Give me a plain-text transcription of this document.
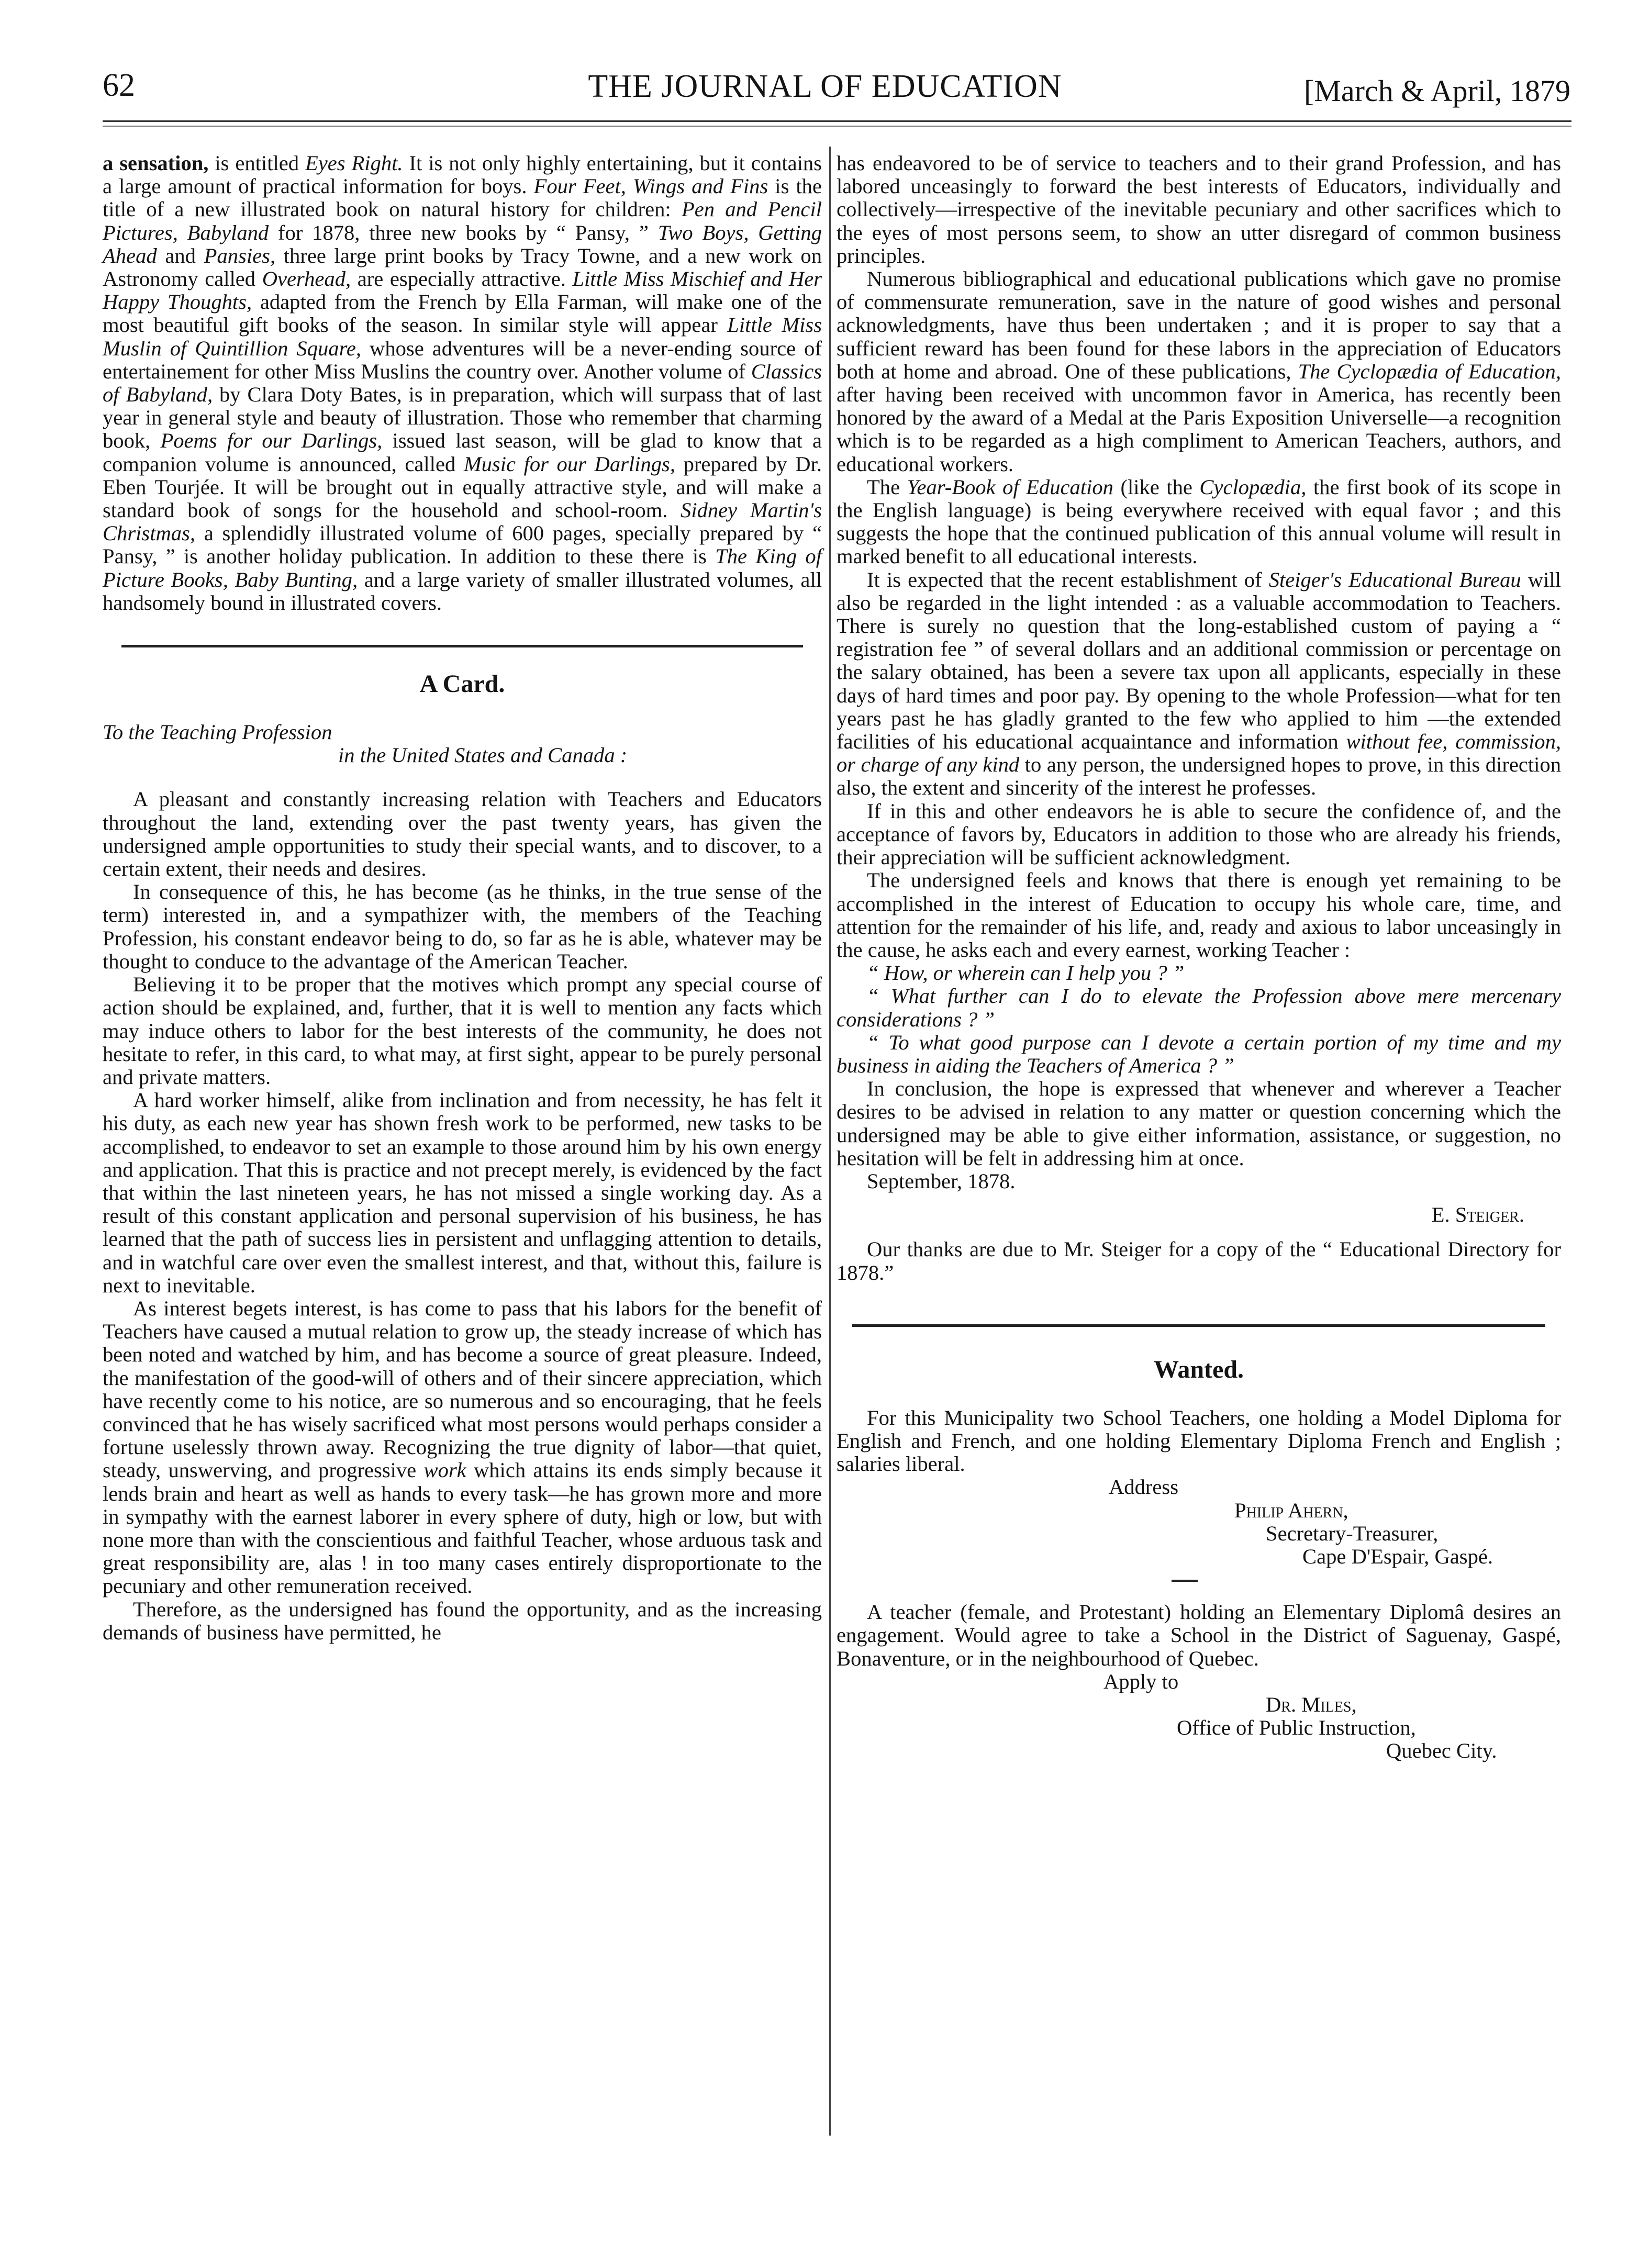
62	THE JOURNAL OF EDUCATION	[March & April, 1879

a sensation, is entitled Eyes Right. It is not only highly entertaining, but it contains a large amount of practical information for boys. Four Feet, Wings and Fins is the title of a new illustrated book on natural history for children: Pen and Pencil Pictures, Babyland for 1878, three new books by “ Pansy, ” Two Boys, Getting Ahead and Pansies, three large print books by Tracy Towne, and a new work on Astronomy called Overhead, are especially attractive. Little Miss Mischief and Her Happy Thoughts, adapted from the French by Ella Farman, will make one of the most beautiful gift books of the season. In similar style will appear Little Miss Muslin of Quintillion Square, whose adventures will be a never-ending source of entertainement for other Miss Muslins the country over. Another volume of Classics of Babyland, by Clara Doty Bates, is in preparation, which will surpass that of last year in general style and beauty of illustration. Those who remember that charming book, Poems for our Darlings, issued last season, will be glad to know that a companion volume is announced, called Music for our Darlings, prepared by Dr. Eben Tourjée. It will be brought out in equally attractive style, and will make a standard book of songs for the household and school-room. Sidney Martin's Christmas, a splendidly illustrated volume of 600 pages, specially prepared by “ Pansy, ” is another holiday publication. In addition to these there is The King of Picture Books, Baby Bunting, and a large variety of smaller illustrated volumes, all handsomely bound in illustrated covers.

A Card.

To the Teaching Profession

in the United States and Canada :

A pleasant and constantly increasing relation with Teachers and Educators throughout the land, extending over the past twenty years, has given the undersigned ample opportunities to study their special wants, and to discover, to a certain extent, their needs and desires.

In consequence of this, he has become (as he thinks, in the true sense of the term) interested in, and a sympathizer with, the members of the Teaching Profession, his constant endeavor being to do, so far as he is able, whatever may be thought to conduce to the advantage of the American Teacher.

Believing it to be proper that the motives which prompt any special course of action should be explained, and, further, that it is well to mention any facts which may induce others to labor for the best interests of the community, he does not hesitate to refer, in this card, to what may, at first sight, appear to be purely personal and private matters.

A hard worker himself, alike from inclination and from necessity, he has felt it his duty, as each new year has shown fresh work to be performed, new tasks to be accomplished, to endeavor to set an example to those around him by his own energy and application. That this is practice and not precept merely, is evidenced by the fact that within the last nineteen years, he has not missed a single working day. As a result of this constant application and personal supervision of his business, he has learned that the path of success lies in persistent and unflagging attention to details, and in watchful care over even the smallest interest, and that, without this, failure is next to inevitable.

As interest begets interest, is has come to pass that his labors for the benefit of Teachers have caused a mutual relation to grow up, the steady increase of which has been noted and watched by him, and has become a source of great pleasure. Indeed, the manifestation of the good-will of others and of their sincere appreciation, which have recently come to his notice, are so numerous and so encouraging, that he feels convinced that he has wisely sacrificed what most persons would perhaps consider a fortune uselessly thrown away. Recognizing the true dignity of labor—that quiet, steady, unswerving, and progressive work which attains its ends simply because it lends brain and heart as well as hands to every task—he has grown more and more in sympathy with the earnest laborer in every sphere of duty, high or low, but with none more than with the conscientious and faithful Teacher, whose arduous task and great responsibility are, alas ! in too many cases entirely disproportionate to the pecuniary and other remuneration received.

Therefore, as the undersigned has found the opportunity, and as the increasing demands of business have permitted, he

has endeavored to be of service to teachers and to their grand Profession, and has labored unceasingly to forward the best interests of Educators, individually and collectively—irrespective of the inevitable pecuniary and other sacrifices which to the eyes of most persons seem, to show an utter disregard of common business principles.

Numerous bibliographical and educational publications which gave no promise of commensurate remuneration, save in the nature of good wishes and personal acknowledgments, have thus been undertaken ; and it is proper to say that a sufficient reward has been found for these labors in the appreciation of Educators both at home and abroad. One of these publications, The Cyclopædia of Education, after having been received with uncommon favor in America, has recently been honored by the award of a Medal at the Paris Exposition Universelle—a recognition which is to be regarded as a high compliment to American Teachers, authors, and educational workers.

The Year-Book of Education (like the Cyclopædia, the first book of its scope in the English language) is being everywhere received with equal favor ; and this suggests the hope that the continued publication of this annual volume will result in marked benefit to all educational interests.

It is expected that the recent establishment of Steiger's Educational Bureau will also be regarded in the light intended : as a valuable accommodation to Teachers. There is surely no question that the long-established custom of paying a “ registration fee ” of several dollars and an additional commission or percentage on the salary obtained, has been a severe tax upon all applicants, especially in these days of hard times and poor pay. By opening to the whole Profession—what for ten years past he has gladly granted to the few who applied to him —the extended facilities of his educational acquaintance and information without fee, commission, or charge of any kind to any person, the undersigned hopes to prove, in this direction also, the extent and sincerity of the interest he professes.

If in this and other endeavors he is able to secure the confidence of, and the acceptance of favors by, Educators in addition to those who are already his friends, their appreciation will be sufficient acknowledgment.

The undersigned feels and knows that there is enough yet remaining to be accomplished in the interest of Education to occupy his whole care, time, and attention for the remainder of his life, and, ready and axious to labor unceasingly in the cause, he asks each and every earnest, working Teacher :

“ How, or wherein can I help you ? ”

“ What further can I do to elevate the Profession above mere mercenary considerations ? ”

“ To what good purpose can I devote a certain portion of my time and my business in aiding the Teachers of America ? ”

In conclusion, the hope is expressed that whenever and wherever a Teacher desires to be advised in relation to any matter or question concerning which the undersigned may be able to give either information, assistance, or suggestion, no hesitation will be felt in addressing him at once.

September, 1878.

E. Steiger.

Our thanks are due to Mr. Steiger for a copy of the “ Educational Directory for 1878.”

Wanted.

For this Municipality two School Teachers, one holding a Model Diploma for English and French, and one holding Elementary Diploma French and English ; salaries liberal.

Address

Philip Ahern,

Secretary-Treasurer,

Cape D'Espair, Gaspé.

A teacher (female, and Protestant) holding an Elementary Diplomâ desires an engagement. Would agree to take a School in the District of Saguenay, Gaspé, Bonaventure, or in the neighbourhood of Quebec.

Apply to

Dr. Miles,

Office of Public Instruction,

Quebec City.
